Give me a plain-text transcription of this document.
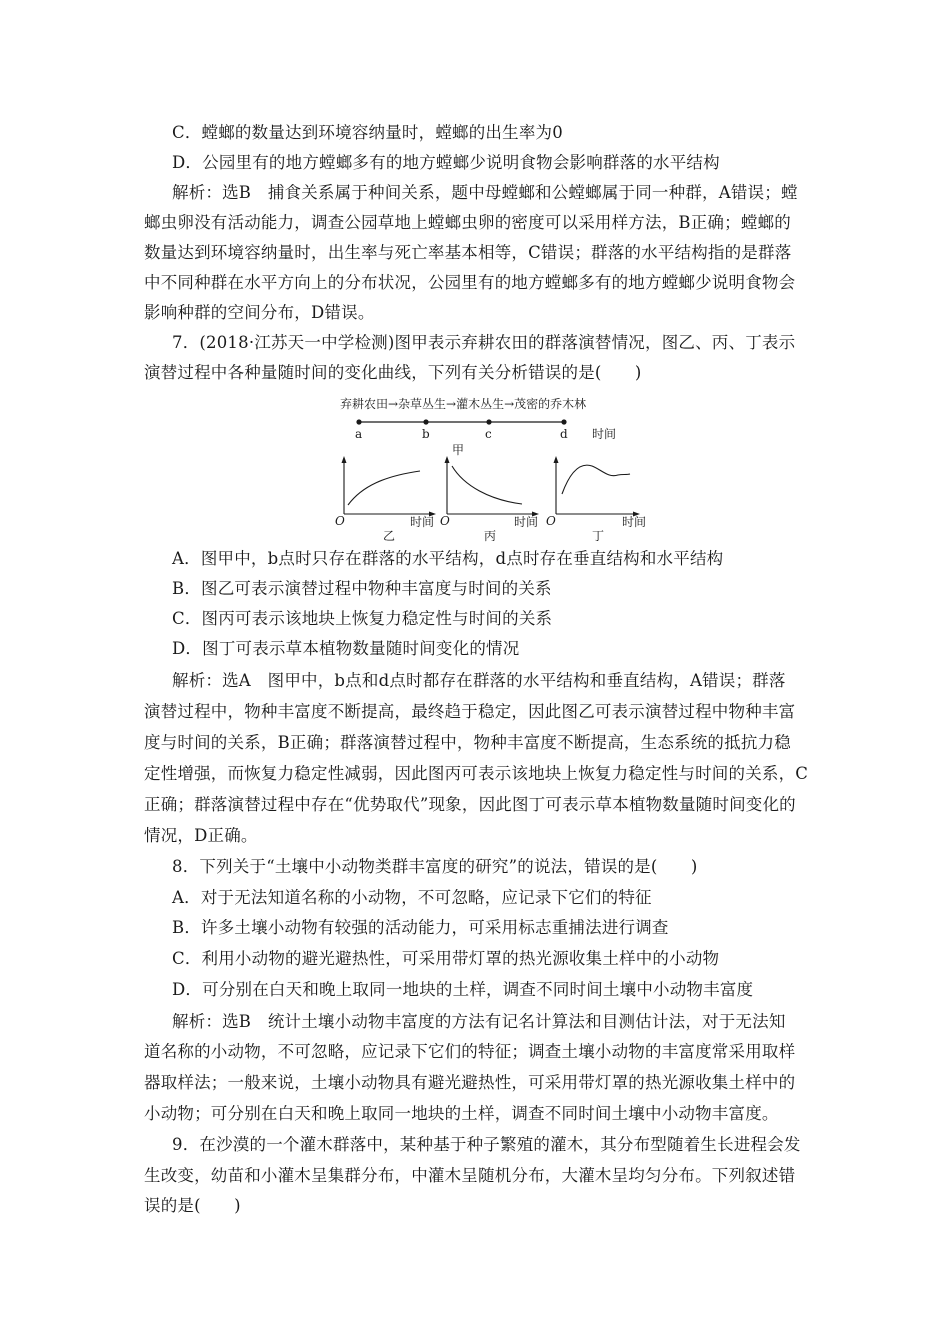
C．螳螂的数量达到环境容纳量时，螳螂的出生率为0
D．公园里有的地方螳螂多有的地方螳螂少说明食物会影响群落的水平结构
解析：选B　捕食关系属于种间关系，题中母螳螂和公螳螂属于同一种群，A错误；螳
螂虫卵没有活动能力，调查公园草地上螳螂虫卵的密度可以采用样方法，B正确；螳螂的
数量达到环境容纳量时，出生率与死亡率基本相等，C错误；群落的水平结构指的是群落
中不同种群在水平方向上的分布状况，公园里有的地方螳螂多有的地方螳螂少说明食物会
影响种群的空间分布，D错误。
7．(2018·江苏天一中学检测)图甲表示弃耕农田的群落演替情况，图乙、丙、丁表示
演替过程中各种量随时间的变化曲线，下列有关分析错误的是(　　)
弃耕农田→杂草丛生→灌木丛生→茂密的乔木林
a	b	c	d 时间
甲
O	时间
乙
O	时间
丙
O	时间
丁
A．图甲中，b点时只存在群落的水平结构，d点时存在垂直结构和水平结构
B．图乙可表示演替过程中物种丰富度与时间的关系
C．图丙可表示该地块上恢复力稳定性与时间的关系
D．图丁可表示草本植物数量随时间变化的情况
解析：选A　图甲中，b点和d点时都存在群落的水平结构和垂直结构，A错误；群落
演替过程中，物种丰富度不断提高，最终趋于稳定，因此图乙可表示演替过程中物种丰富
度与时间的关系，B正确；群落演替过程中，物种丰富度不断提高，生态系统的抵抗力稳
定性增强，而恢复力稳定性减弱，因此图丙可表示该地块上恢复力稳定性与时间的关系，C
正确；群落演替过程中存在“优势取代”现象，因此图丁可表示草本植物数量随时间变化的
情况，D正确。
8．下列关于“土壤中小动物类群丰富度的研究”的说法，错误的是(　　)
A．对于无法知道名称的小动物，不可忽略，应记录下它们的特征
B．许多土壤小动物有较强的活动能力，可采用标志重捕法进行调查
C．利用小动物的避光避热性，可采用带灯罩的热光源收集土样中的小动物
D．可分别在白天和晚上取同一地块的土样，调查不同时间土壤中小动物丰富度
解析：选B　统计土壤小动物丰富度的方法有记名计算法和目测估计法，对于无法知
道名称的小动物，不可忽略，应记录下它们的特征；调查土壤小动物的丰富度常采用取样
器取样法；一般来说，土壤小动物具有避光避热性，可采用带灯罩的热光源收集土样中的
小动物；可分别在白天和晚上取同一地块的土样，调查不同时间土壤中小动物丰富度。
9．在沙漠的一个灌木群落中，某种基于种子繁殖的灌木，其分布型随着生长进程会发
生改变，幼苗和小灌木呈集群分布，中灌木呈随机分布，大灌木呈均匀分布。下列叙述错
误的是(　　)
